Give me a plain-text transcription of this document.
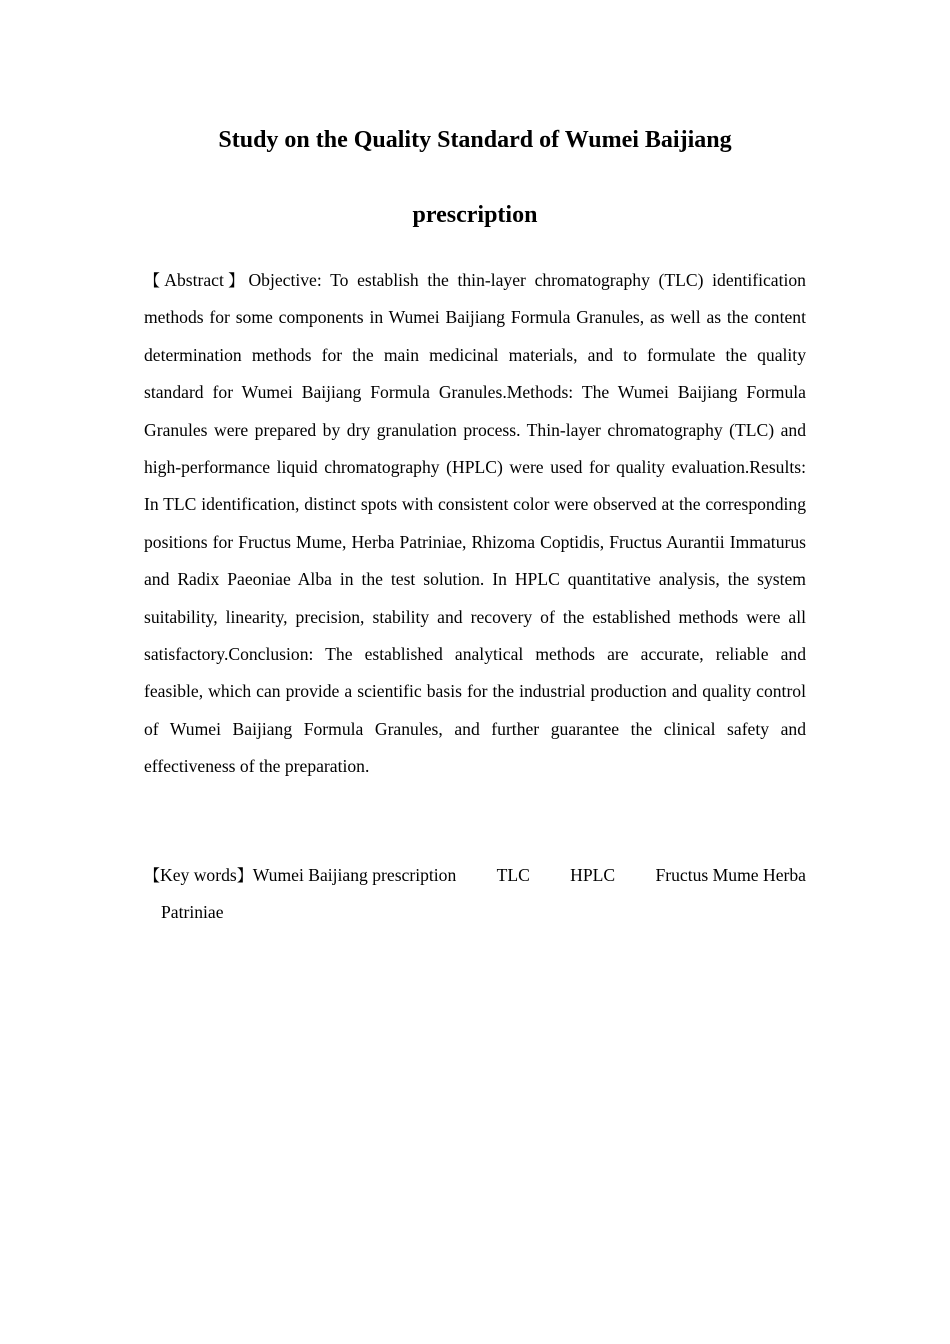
Study on the Quality Standard of Wumei Baijiang
prescription
【Abstract】Objective: To establish the thin-layer chromatography (TLC) identification methods for some components in Wumei Baijiang Formula Granules, as well as the content determination methods for the main medicinal materials, and to formulate the quality standard for Wumei Baijiang Formula Granules.Methods: The Wumei Baijiang Formula Granules were prepared by dry granulation process. Thin-layer chromatography (TLC) and high-performance liquid chromatography (HPLC) were used for quality evaluation.Results: In TLC identification, distinct spots with consistent color were observed at the corresponding positions for Fructus Mume, Herba Patriniae, Rhizoma Coptidis, Fructus Aurantii Immaturus and Radix Paeoniae Alba in the test solution. In HPLC quantitative analysis, the system suitability, linearity, precision, stability and recovery of the established methods were all satisfactory.Conclusion: The established analytical methods are accurate, reliable and feasible, which can provide a scientific basis for the industrial production and quality control of Wumei Baijiang Formula Granules, and further guarantee the clinical safety and effectiveness of the preparation.
【Key words】Wumei Baijiang prescription TLC HPLC Fructus Mume Herba
Patriniae
